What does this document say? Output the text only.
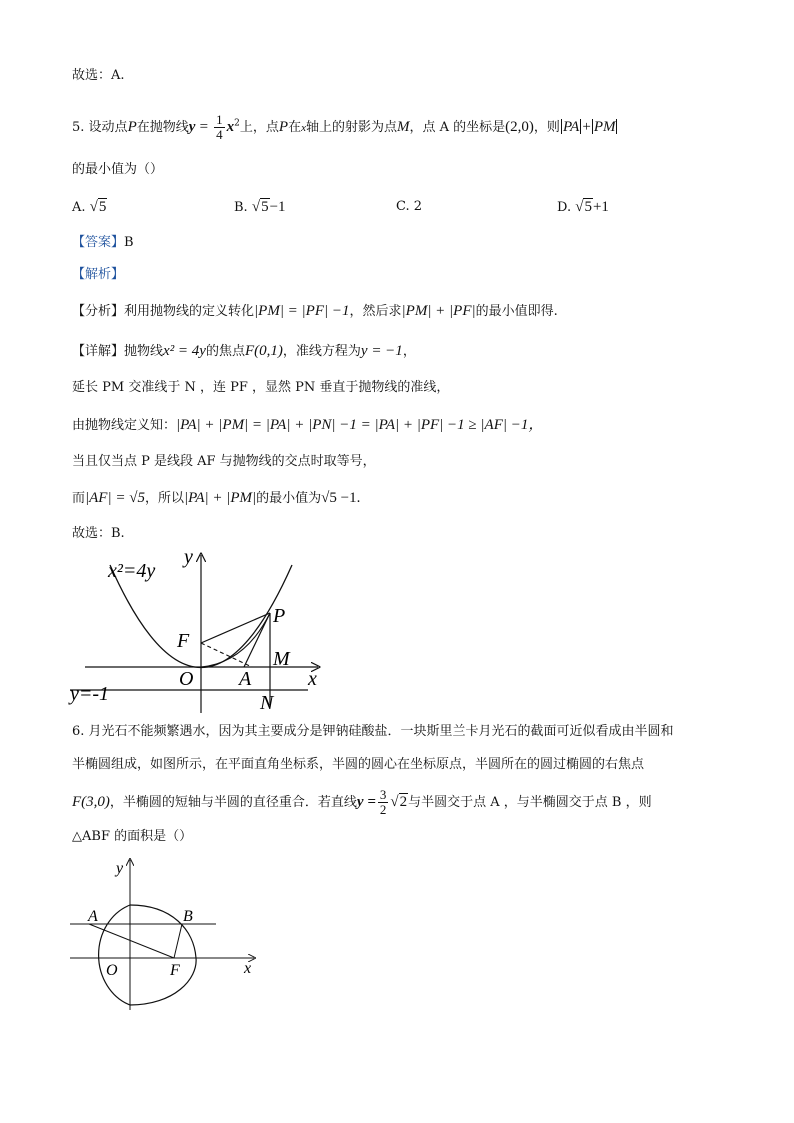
故选：A.
5. 设动点P在抛物线$y = \frac{1}{4} x^2$上，点P在x轴上的射影为点M，点 A 的坐标是(2,0)，则 PA + PM
的最小值为（）
A. √5	B. √5−1	C. 2	D. √5+1
【答案】B
【解析】
【分析】利用抛物线的定义转化|PM| = |PF| −1，然后求|PM| + |PF|的最小值即得.
【详解】抛物线x² = 4y的焦点F(0,1)，准线方程为y = −1，
延长 PM 交准线于 N ，连 PF ，显然 PN 垂直于抛物线的准线，
由抛物线定义知：|PA| + |PM| = |PA| + |PN| −1 = |PA| + |PF| −1 ≥ |AF| −1，
当且仅当点 P 是线段 AF 与抛物线的交点时取等号，
而|AF| = √5，所以|PA| + |PM|的最小值为√5 −1.
故选：B.
x²=4y
y
x
F
P
M
O A
N
y=-1
6. 月光石不能频繁遇水，因为其主要成分是钾钠硅酸盐．一块斯里兰卡月光石的截面可近似看成由半圆和
半椭圆组成，如图所示，在平面直角坐标系，半圆的圆心在坐标原点，半圆所在的圆过椭圆的右焦点
F(3,0)，半椭圆的短轴与半圆的直径重合．若直线$y = \frac{3}{2} √2$与半圆交于点 A ，与半椭圆交于点 B ，则
△ABF 的面积是（）
y
x
A	B
O	F
